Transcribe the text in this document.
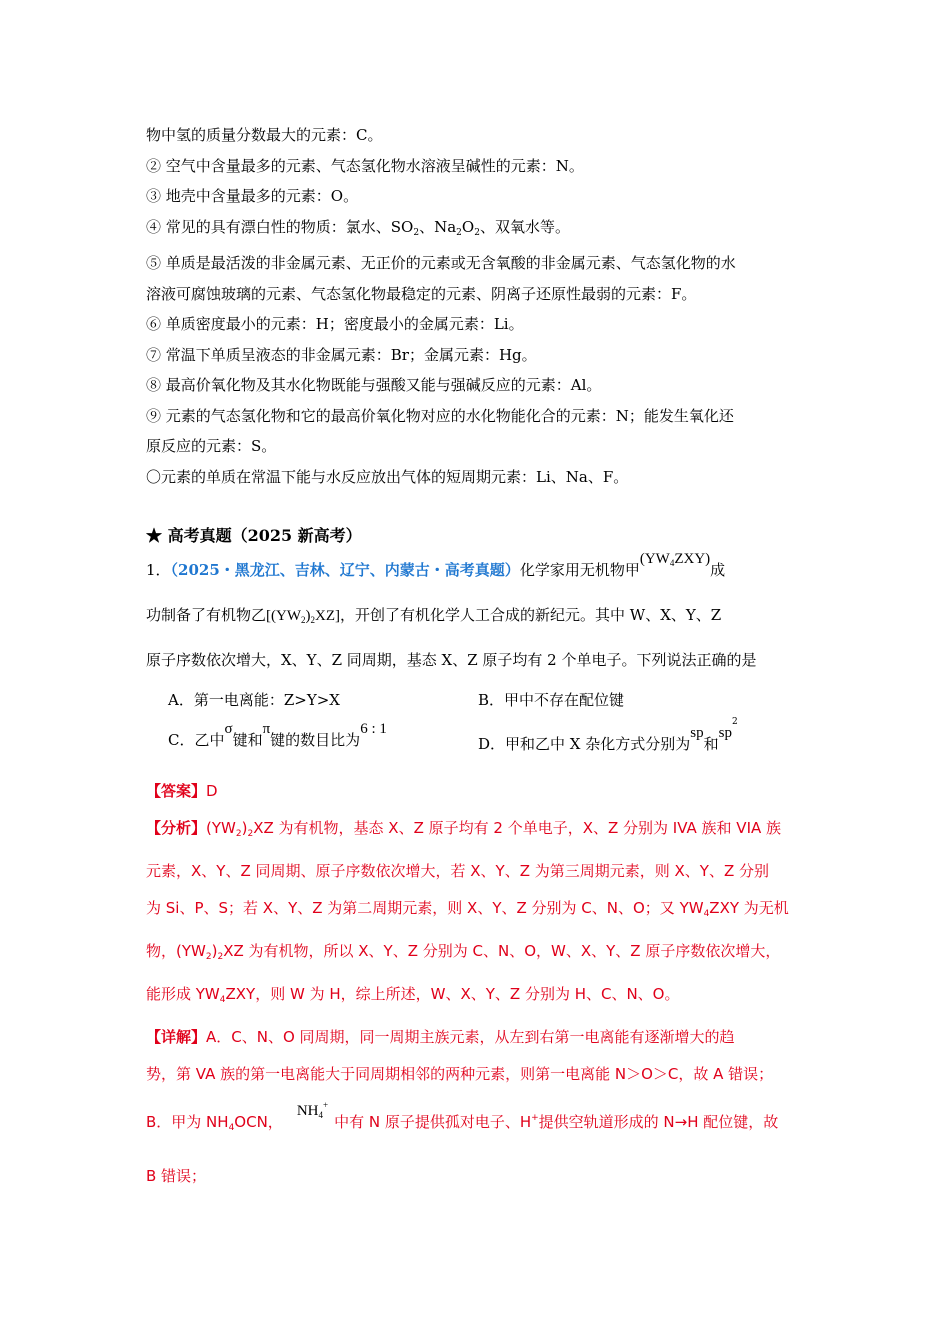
物中氢的质量分数最大的元素：C。
② 空气中含量最多的元素、气态氢化物水溶液呈碱性的元素：N。
③ 地壳中含量最多的元素：O。
④ 常见的具有漂白性的物质：氯水、$SO_2$、$Na_2O_2$、双氧水等。
⑤ 单质是最活泼的非金属元素、无正价的元素或无含氧酸的非金属元素、气态氢化物的水
溶液可腐蚀玻璃的元素、气态氢化物最稳定的元素、阴离子还原性最弱的元素：F。
⑥ 单质密度最小的元素：H；密度最小的金属元素：Li。
⑦ 常温下单质呈液态的非金属元素：Br；金属元素：Hg。
⑧ 最高价氧化物及其水化物既能与强酸又能与强碱反应的元素：Al。
⑨ 元素的气态氢化物和它的最高价氧化物对应的水化物能化合的元素：N；能发生氧化还
原反应的元素：S。
〇元素的单质在常温下能与水反应放出气体的短周期元素：Li、Na、F。
★ 高考真题（2025 新高考）
1．（2025・黑龙江、吉林、辽宁、内蒙古・高考真题）化学家用无机物甲$(YW_4ZXY)$成
功制备了有机物乙$[(YW_2)_2XZ]$，开创了有机化学人工合成的新纪元。其中 W、X、Y、Z
原子序数依次增大，X、Y、Z 同周期，基态 X、Z 原子均有 2 个单电子。下列说法正确的是
A．第一电离能：Z>Y>X	B．甲中不存在配位键
C．乙中σ键和π键的数目比为6 : 1
D．甲和乙中 X 杂化方式分别为sp和$sp^2$
【答案】D
【分析】$(YW_2)_2XZ$ 为有机物，基态 X、Z 原子均有 2 个单电子，X、Z 分别为 IVA 族和 VIA 族
元素，X、Y、Z 同周期、原子序数依次增大，若 X、Y、Z 为第三周期元素，则 X、Y、Z 分别
为 Si、P、S；若 X、Y、Z 为第二周期元素，则 X、Y、Z 分别为 C、N、O；又 $YW_4ZXY$ 为无机
物，$(YW_2)_2XZ$ 为有机物，所以 X、Y、Z 分别为 C、N、O，W、X、Y、Z 原子序数依次增大，
能形成 $YW_4ZXY$，则 W 为 H，综上所述，W、X、Y、Z 分别为 H、C、N、O。
【详解】A．C、N、O 同周期，同一周期主族元素，从左到右第一电离能有逐渐增大的趋
势，第 VA 族的第一电离能大于同周期相邻的两种元素，则第一电离能 N＞O＞C，故 A 错误；
B．甲为 $NH_4OCN$，$NH_4^+$中有 N 原子提供孤对电子、H+提供空轨道形成的 N→H 配位键，故
B 错误；
